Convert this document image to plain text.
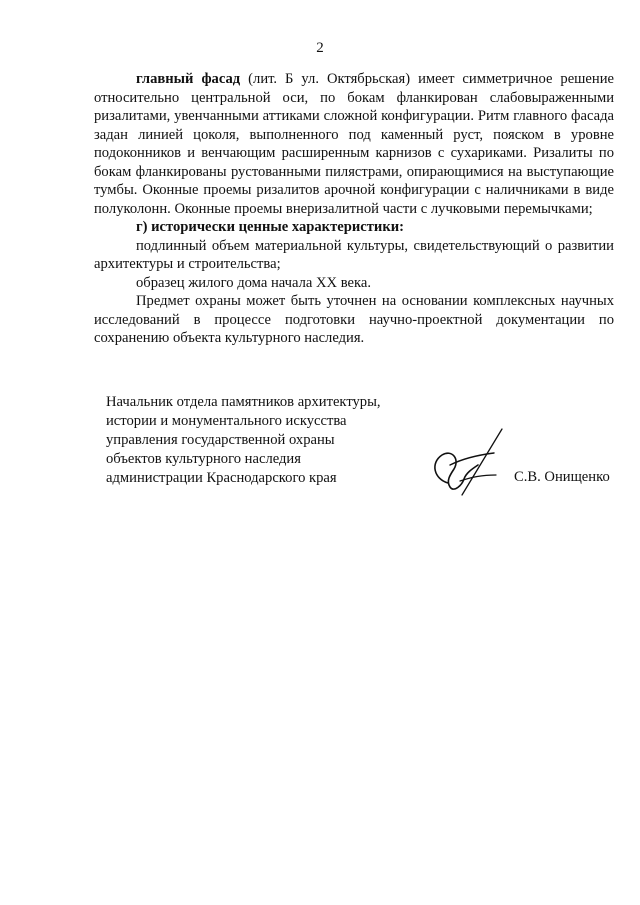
2

главный фасад (лит. Б ул. Октябрьская) имеет симметричное решение относительно центральной оси, по бокам фланкирован слабовыраженными ризалитами, увенчанными аттиками сложной конфигурации. Ритм главного фасада задан линией цоколя, выполненного под каменный руст, пояском в уровне подоконников и венчающим расширенным карнизов с сухариками. Ризалиты по бокам фланкированы рустованными пилястрами, опирающимися на выступающие тумбы. Оконные проемы ризалитов арочной конфигурации с наличниками в виде полуколонн. Оконные проемы внеризалитной части с лучковыми перемычками;

г) исторически ценные характеристики:

подлинный объем материальной культуры, свидетельствующий о развитии архитектуры и строительства;

образец жилого дома начала XX века.

Предмет охраны может быть уточнен на основании комплексных научных исследований в процессе подготовки научно-проектной документации по сохранению объекта культурного наследия.

Начальник отдела памятников архитектуры,
истории и монументального искусства
управления государственной охраны
объектов культурного наследия
администрации Краснодарского края	С.В. Онищенко
